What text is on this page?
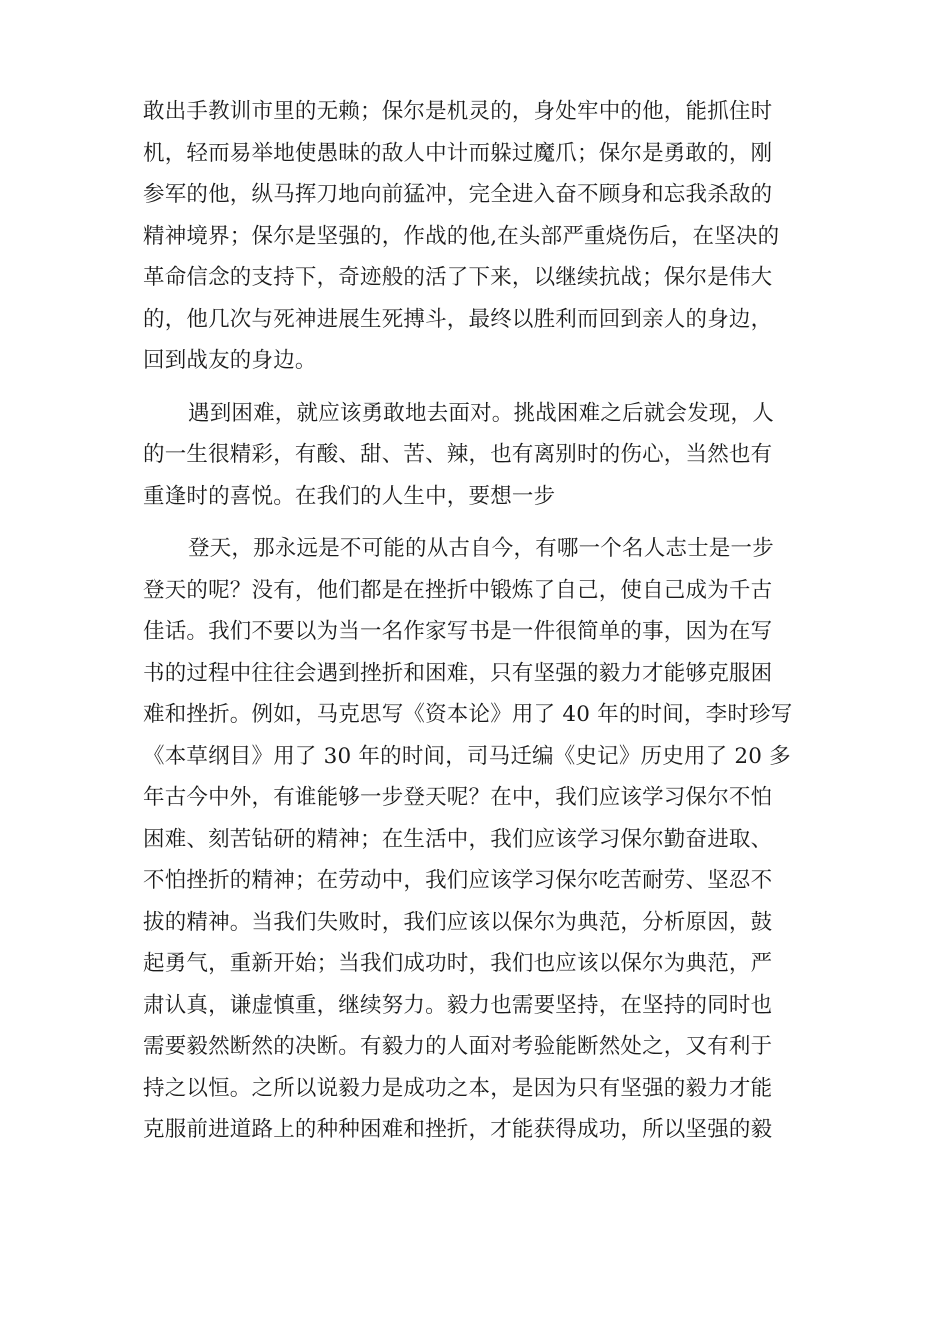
敢出手教训市里的无赖；保尔是机灵的，身处牢中的他，能抓住时
机，轻而易举地使愚昧的敌人中计而躲过魔爪；保尔是勇敢的，刚
参军的他，纵马挥刀地向前猛冲，完全进入奋不顾身和忘我杀敌的
精神境界；保尔是坚强的，作战的他,在头部严重烧伤后，在坚决的
革命信念的支持下，奇迹般的活了下来，以继续抗战；保尔是伟大
的，他几次与死神进展生死搏斗，最终以胜利而回到亲人的身边，
回到战友的身边。
遇到困难，就应该勇敢地去面对。挑战困难之后就会发现，人
的一生很精彩，有酸、甜、苦、辣，也有离别时的伤心，当然也有
重逢时的喜悦。在我们的人生中，要想一步
登天，那永远是不可能的从古自今，有哪一个名人志士是一步
登天的呢？没有，他们都是在挫折中锻炼了自己，使自己成为千古
佳话。我们不要以为当一名作家写书是一件很简单的事，因为在写
书的过程中往往会遇到挫折和困难，只有坚强的毅力才能够克服困
难和挫折。例如，马克思写《资本论》用了 40 年的时间，李时珍写
《本草纲目》用了 30 年的时间，司马迁编《史记》历史用了 20 多
年古今中外，有谁能够一步登天呢？在中，我们应该学习保尔不怕
困难、刻苦钻研的精神；在生活中，我们应该学习保尔勤奋进取、
不怕挫折的精神；在劳动中，我们应该学习保尔吃苦耐劳、坚忍不
拔的精神。当我们失败时，我们应该以保尔为典范，分析原因，鼓
起勇气，重新开始；当我们成功时，我们也应该以保尔为典范，严
肃认真，谦虚慎重，继续努力。毅力也需要坚持，在坚持的同时也
需要毅然断然的决断。有毅力的人面对考验能断然处之，又有利于
持之以恒。之所以说毅力是成功之本，是因为只有坚强的毅力才能
克服前进道路上的种种困难和挫折，才能获得成功，所以坚强的毅
